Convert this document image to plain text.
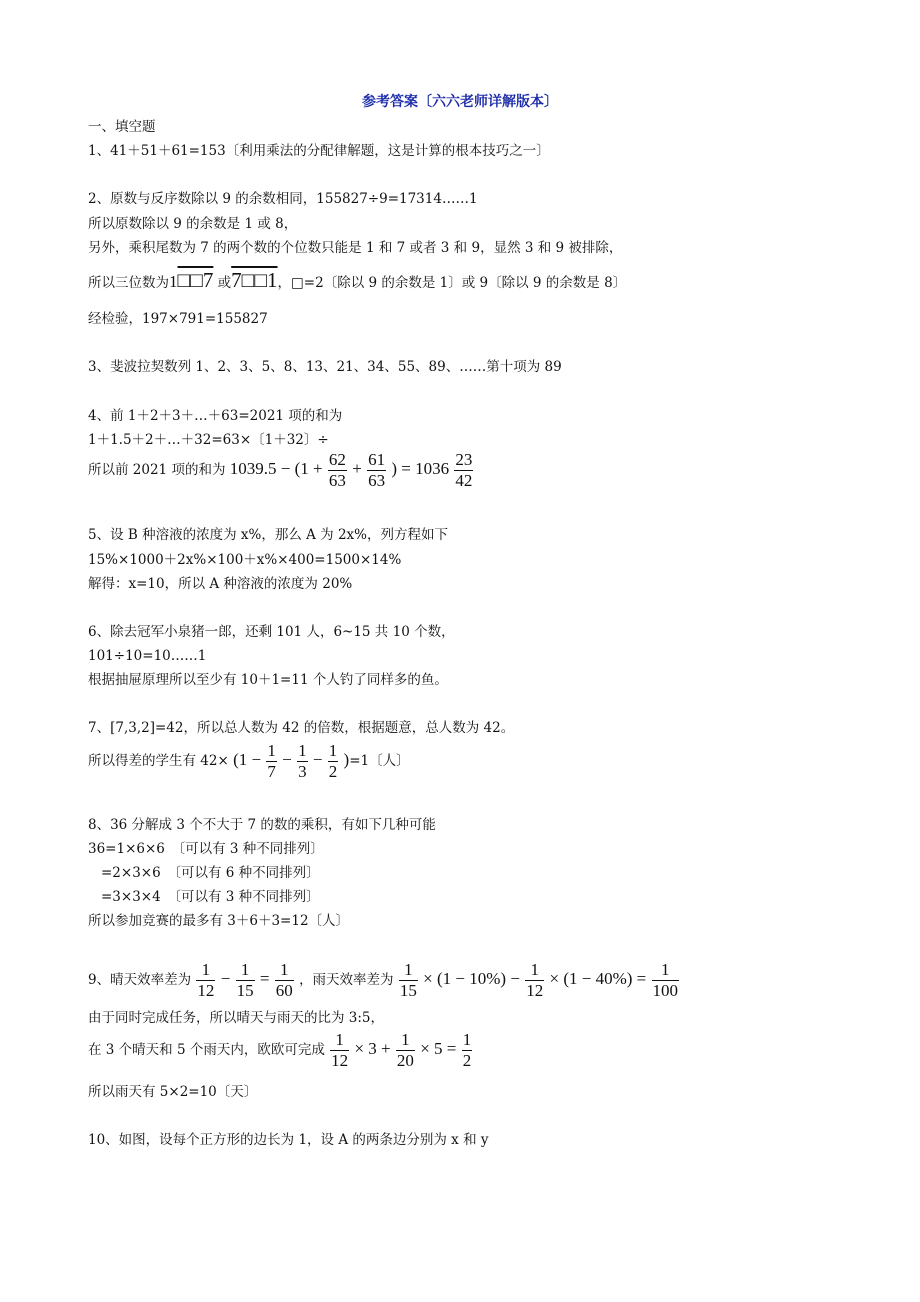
参考答案〔六六老师详解版本〕
一、填空题
1、41＋51＋61=153〔利用乘法的分配律解题，这是计算的根本技巧之一〕
2、原数与反序数除以 9 的余数相同，155827÷9=17314……1
所以原数除以 9 的余数是 1 或 8，
另外，乘积尾数为 7 的两个数的个位数只能是 1 和 7 或者 3 和 9，显然 3 和 9 被排除，
所以三位数为1□□7 或7□□1，□=2〔除以 9 的余数是 1〕或 9〔除以 9 的余数是 8〕
经检验，197×791=155827
3、斐波拉契数列 1、2、3、5、8、13、21、34、55、89、……第十项为 89
4、前 1＋2＋3＋…＋63=2021 项的和为
1＋1.5＋2＋…＋32=63×〔1＋32〕÷
所以前 2021 项的和为 $1039.5 - (1 + \frac{62}{63} + \frac{61}{63}$ ) = $1036 \frac{23}{42}$
5、设 B 种溶液的浓度为 x%，那么 A 为 2x%，列方程如下
15%×1000＋2x%×100＋x%×400=1500×14%
解得：x=10，所以 A 种溶液的浓度为 20%
6、除去冠军小泉猪一郎，还剩 101 人，6~15 共 10 个数，
101÷10=10……1
根据抽屉原理所以至少有 10＋1=11 个人钓了同样多的鱼。
7、[7,3,2]=42，所以总人数为 42 的倍数，根据题意，总人数为 42。
所以得差的学生有 $42\times (1 - \frac{1}{7} - \frac{1}{3} - \frac{1}{2} )=1$〔人〕
8、36 分解成 3 个不大于 7 的数的乘积，有如下几种可能
36=1×6×6　〔可以有 3 种不同排列〕
=2×3×6　〔可以有 6 种不同排列〕
=3×3×4　〔可以有 3 种不同排列〕
所以参加竞赛的最多有 3＋6＋3=12〔人〕
9、晴天效率差为 $\frac{1}{12} - \frac{1}{15} = \frac{1}{60}$ ，雨天效率差为 $\frac{1}{15} \times (1 - 10\%) - \frac{1}{12} \times (1 - 40\%) = \frac{1}{100}$
由于同时完成任务，所以晴天与雨天的比为 3:5，
在 3 个晴天和 5 个雨天内，欧欧可完成 $\frac{1}{12} \times 3 + \frac{1}{20} \times 5 = \frac{1}{2}$
所以雨天有 5×2=10〔天〕
10、如图，设每个正方形的边长为 1，设 A 的两条边分别为 x 和 y
